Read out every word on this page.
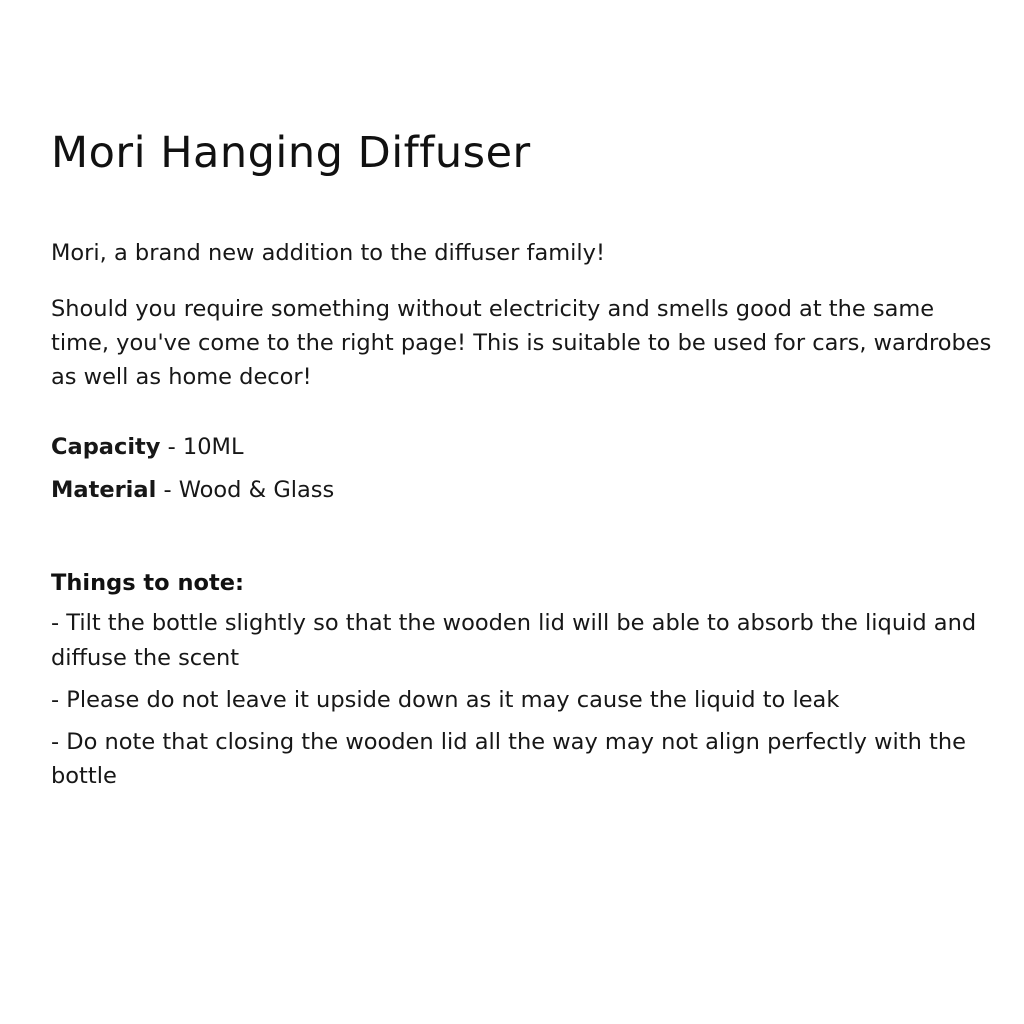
Mori Hanging Diffuser

Mori, a brand new addition to the diffuser family!

Should you require something without electricity and smells good at the same time, you've come to the right page! This is suitable to be used for cars, wardrobes as well as home decor!

Capacity - 10ML

Material - Wood & Glass

Things to note:

- Tilt the bottle slightly so that the wooden lid will be able to absorb the liquid and diffuse the scent

- Please do not leave it upside down as it may cause the liquid to leak

- Do note that closing the wooden lid all the way may not align perfectly with the bottle
